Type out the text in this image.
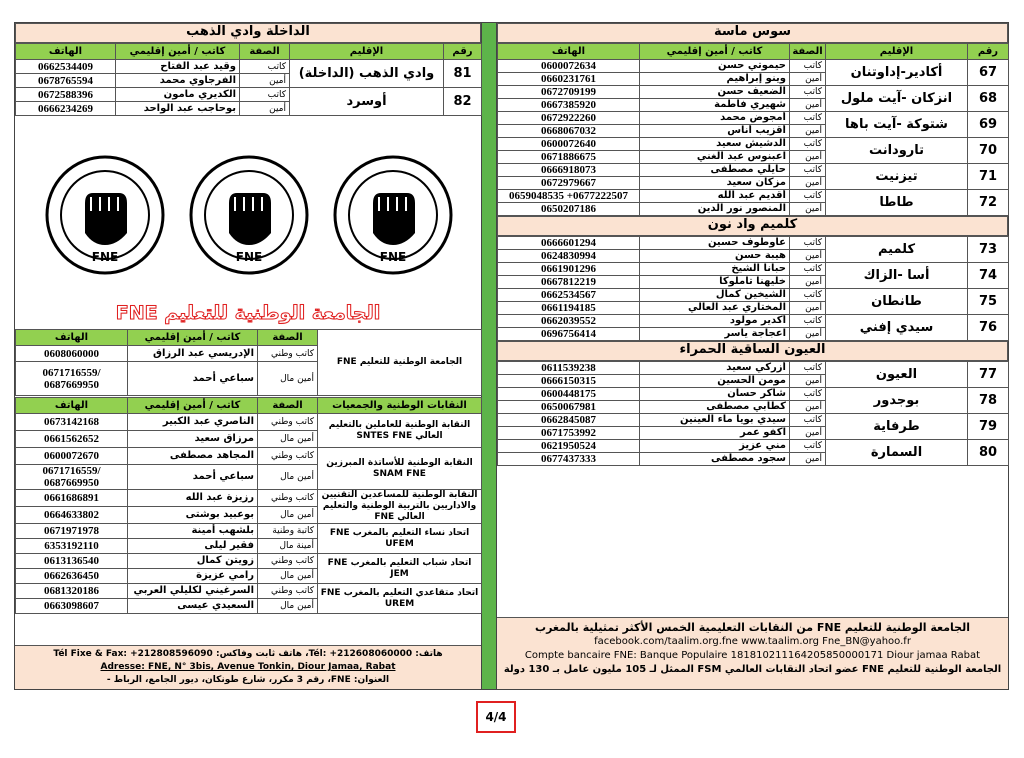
الداخلة وادي الذهب
الهاتف	كاتب / أمين إقليمي	الصفة	الإقليم	رقم
0662534409	وقيد عبد الفتاح	كاتب	وادي الذهب (الداخلة)	81
0678765594	الفرجاوي محمد	أمين		
0672588396	الكديري مامون	كاتب	أوسرد	82
0666234269	بوحاجب عبد الواحد	أمين		
FNE	FNE	FNE
الجامعة الوطنية للتعليم FNE
الهاتف	كاتب / أمين إقليمي	الصفة	الجامعة الوطنية للتعليم FNE
0608060000	الإدريسي عبد الرزاق	كاتب وطني	
0671716559/ 0687669950	سباعي أحمد	أمين مال	
الهاتف	كاتب / أمين إقليمي	الصفة	النقابات الوطنية والجمعيات
0673142168	الناصري عبد الكبير	كاتب وطني	النقابة الوطنية للعاملين بالتعليم العالي SNTES FNE
0661562652	مرزاق سعيد	أمين مال	
0600072670	المجاهد مصطفى	كاتب وطني	النقابة الوطنية للأساتذة المبرزين SNAM FNE
0671716559/ 0687669950	سباعي أحمد	أمين مال	
0661686891	رزيزة عبد الله	كاتب وطني	النقابة الوطنية للمساعدين التقنيين والاداريين بالتربية الوطنية والتعليم العالي FNE
0664633802	بوعبيد بوشتى	أمين مال	
0671971978	بلشهب أمينة	كاتبة وطنية	اتحاد نساء التعليم بالمغرب FNE UFEM
6353192110	فقير ليلى	أمينة مال	
0613136540	زويتن كمال	كاتب وطني	اتحاد شباب التعليم بالمغرب FNE JEM
0662636450	رامي عزيزة	أمين مال	
0681320186	السرغيني لكليلي العربي	كاتب وطني	اتحاد متقاعدي التعليم بالمغرب FNE UREM
0663098607	السعيدي عيسى	أمين مال	
Tél Fixe & Fax: +212808596090 :هاتف ثابت وفاكس ،Tél: +212608060000 :هاتف
Adresse: FNE, N° 3bis, Avenue Tonkin, Diour Jamaa, Rabat
العنوان: FNE، رقم 3 مكرر، شارع طونكان، ديور الجامع، الرباط -
سوس ماسة
الهاتف	كاتب / أمين إقليمي	الصفة	الإقليم	رقم
0600072634	حيموتي حسن	كاتب	أكادير-إداوتنان	67
0660231761	وينو إبراهيم	أمين		
0672709199	الضعيف حسن	كاتب	انزكان -آيت ملول	68
0667385920	شهيري فاطمة	أمين		
0672922260	أمجوض محمد	كاتب	شتوكة -آيت باها	69
0668067032	أقزيب أناس	أمين		
0600072640	الدشيش سعيد	كاتب	تارودانت	70
0671886675	اعبنوس عبد الغني	أمين		
0666918073	حايلي مصطفى	كاتب	تيزنيت	71
0672979667	مزكان سعيد	أمين		
0659048535 +0677222507	أقديم عبد الله	كاتب	طاطا	72
0650207186	المنصور نور الدين	أمين		
كلميم واد نون
0666601294	عاوطوف حسين	كاتب	كلميم	73
0624830994	هيبة حسن	أمين		
0661901296	حبانا الشيخ	كاتب	أسا -الزاك	74
0667812219	خليهنا تاملوكا	أمين		
0662534567	الشيخين كمال	كاتب	طانطان	75
0661194185	المختاري عبد العالي	أمين		
0662039552	أكدير مولود	كاتب	سيدي إفني	76
0696756414	اعجاجة ياسر	أمين		
العيون الساقية الحمراء
0611539238	أزركي سعيد	كاتب	العيون	77
0666150315	مومن الحسين	أمين		
0600448175	شاكر حسان	كاتب	بوجدور	78
0650067981	كطابي مصطفى	أمين		
0662845087	سيدي بويا ماء العينين	كاتب	طرفاية	79
0671753992	اكفو عمر	أمين		
0621950524	مني عزيز	كاتب	السمارة	80
0677437333	سجود مصطفى	أمين		
الجامعة الوطنية للتعليم FNE من النقابات التعليمية الخمس الأكثر تمثيلية بالمغرب
facebook.com/taalim.org.fne www.taalim.org Fne_BN@yahoo.fr
Compte bancaire FNE: Banque Populaire 181810211164205850000171 Diour jamaa Rabat
الجامعة الوطنية للتعليم FNE عضو اتحاد النقابات العالمي FSM الممثل لـ 105 مليون عامل بـ 130 دولة
4/4
